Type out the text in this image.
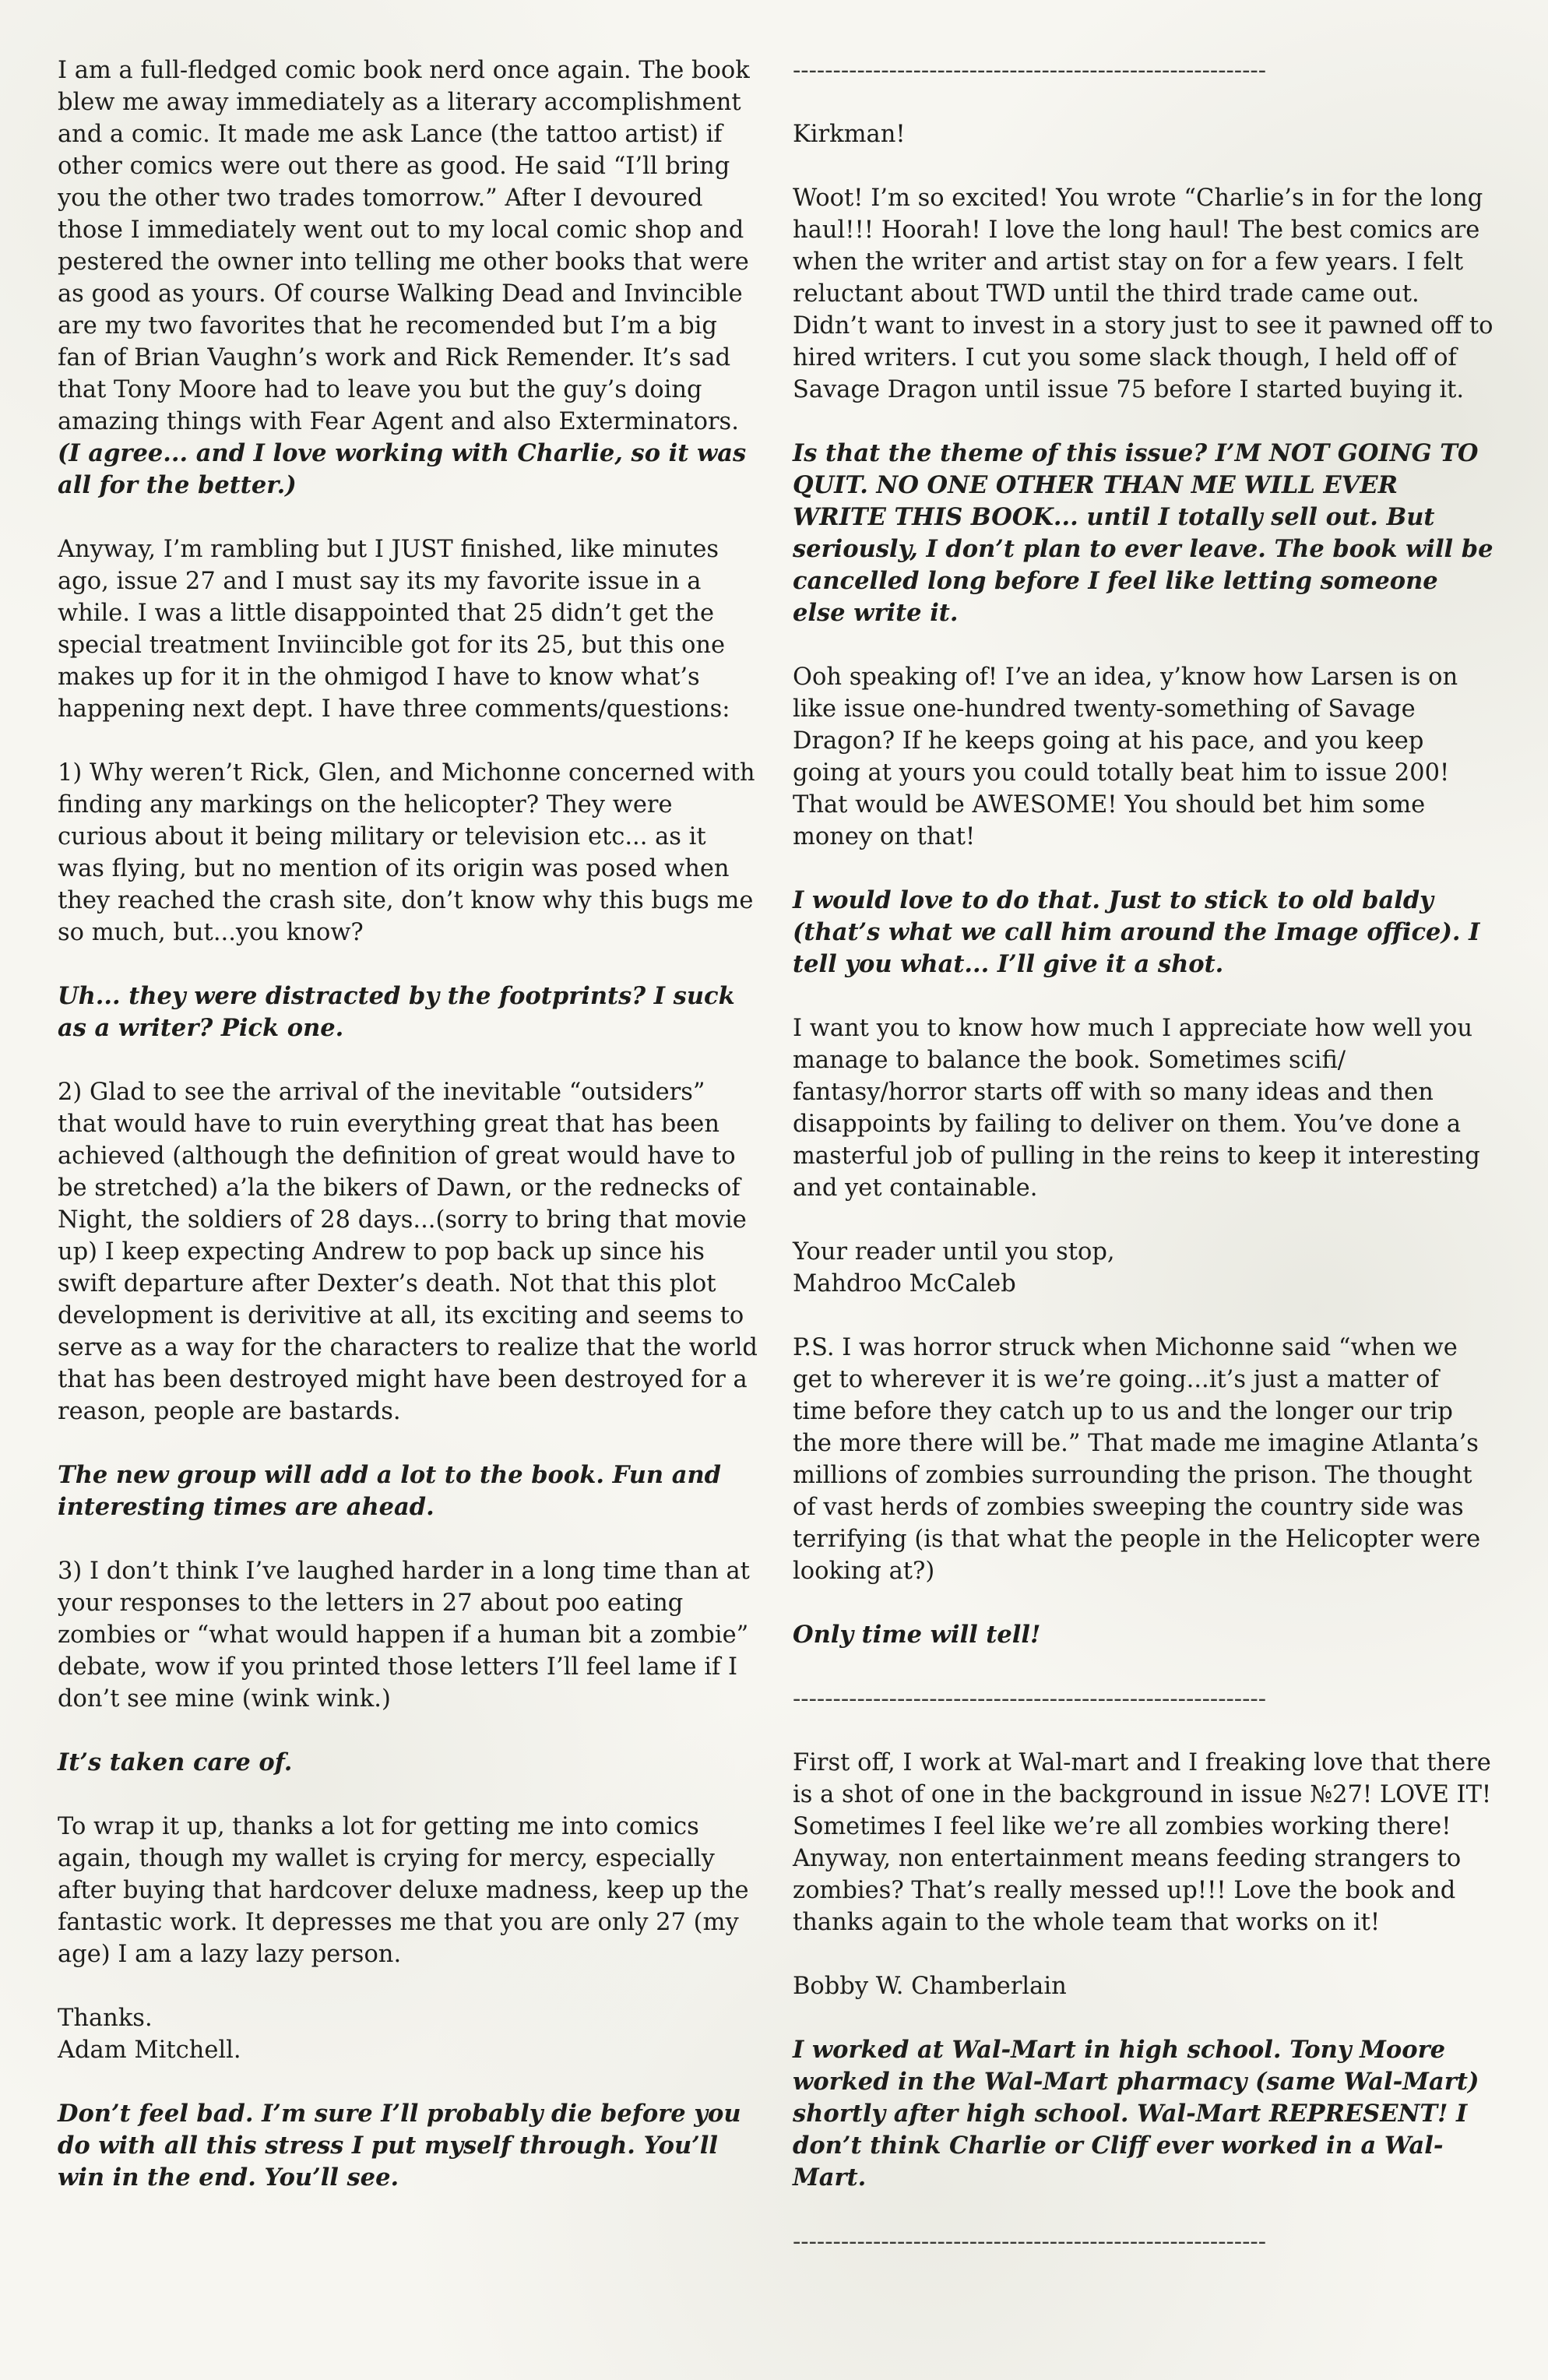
I am a full-fledged comic book nerd once again. The book blew me away immediately as a literary accomplishment and a comic. It made me ask Lance (the tattoo artist) if other comics were out there as good. He said “I’ll bring you the other two trades tomorrow.” After I devoured those I immediately went out to my local comic shop and pestered the owner into telling me other books that were as good as yours. Of course Walking Dead and Invincible are my two favorites that he recomended but I’m a big fan of Brian Vaughn’s work and Rick Remender. It’s sad that Tony Moore had to leave you but the guy’s doing amazing things with Fear Agent and also Exterminators. (I agree... and I love working with Charlie, so it was all for the better.)

Anyway, I’m rambling but I JUST finished, like minutes ago, issue 27 and I must say its my favorite issue in a while. I was a little disappointed that 25 didn’t get the special treatment Inviincible got for its 25, but this one makes up for it in the ohmigod I have to know what’s happening next dept. I have three comments/questions:

1) Why weren’t Rick, Glen, and Michonne concerned with finding any markings on the helicopter? They were curious about it being military or television etc... as it was flying, but no mention of its origin was posed when they reached the crash site, don’t know why this bugs me so much, but...you know?

Uh... they were distracted by the footprints? I suck as a writer? Pick one.

2) Glad to see the arrival of the inevitable “outsiders” that would have to ruin everything great that has been achieved (although the definition of great would have to be stretched) a’la the bikers of Dawn, or the rednecks of Night, the soldiers of 28 days...(sorry to bring that movie up) I keep expecting Andrew to pop back up since his swift departure after Dexter’s death. Not that this plot development is derivitive at all, its exciting and seems to serve as a way for the characters to realize that the world that has been destroyed might have been destroyed for a reason, people are bastards.

The new group will add a lot to the book. Fun and interesting times are ahead.

3) I don’t think I’ve laughed harder in a long time than at your responses to the letters in 27 about poo eating zombies or “what would happen if a human bit a zombie” debate, wow if you printed those letters I’ll feel lame if I don’t see mine (wink wink.)

It’s taken care of.

To wrap it up, thanks a lot for getting me into comics again, though my wallet is crying for mercy, especially after buying that hardcover deluxe madness, keep up the fantastic work. It depresses me that you are only 27 (my age) I am a lazy lazy person.

Thanks.
Adam Mitchell.

Don’t feel bad. I’m sure I’ll probably die before you do with all this stress I put myself through. You’ll win in the end. You’ll see.

-----------------------------------------------------------

Kirkman!

Woot! I’m so excited! You wrote “Charlie’s in for the long haul!!! Hoorah! I love the long haul! The best comics are when the writer and artist stay on for a few years. I felt reluctant about TWD until the third trade came out. Didn’t want to invest in a story just to see it pawned off to hired writers. I cut you some slack though, I held off of Savage Dragon until issue 75 before I started buying it.

Is that the theme of this issue? I’M NOT GOING TO QUIT. NO ONE OTHER THAN ME WILL EVER WRITE THIS BOOK... until I totally sell out. But seriously, I don’t plan to ever leave. The book will be cancelled long before I feel like letting someone else write it.

Ooh speaking of! I’ve an idea, y’know how Larsen is on like issue one-hundred twenty-something of Savage Dragon? If he keeps going at his pace, and you keep going at yours you could totally beat him to issue 200! That would be AWESOME! You should bet him some money on that!

I would love to do that. Just to stick to old baldy (that’s what we call him around the Image office). I tell you what... I’ll give it a shot.

I want you to know how much I appreciate how well you manage to balance the book. Sometimes scifi/ fantasy/horror starts off with so many ideas and then disappoints by failing to deliver on them. You’ve done a masterful job of pulling in the reins to keep it interesting and yet containable.

Your reader until you stop,
Mahdroo McCaleb

P.S. I was horror struck when Michonne said “when we get to wherever it is we’re going...it’s just a matter of time before they catch up to us and the longer our trip the more there will be.” That made me imagine Atlanta’s millions of zombies surrounding the prison. The thought of vast herds of zombies sweeping the country side was terrifying (is that what the people in the Helicopter were looking at?)

Only time will tell!

-----------------------------------------------------------

First off, I work at Wal-mart and I freaking love that there is a shot of one in the background in issue №27! LOVE IT! Sometimes I feel like we’re all zombies working there! Anyway, non entertainment means feeding strangers to zombies? That’s really messed up!!! Love the book and thanks again to the whole team that works on it!

Bobby W. Chamberlain

I worked at Wal-Mart in high school. Tony Moore worked in the Wal-Mart pharmacy (same Wal-Mart) shortly after high school. Wal-Mart REPRESENT! I don’t think Charlie or Cliff ever worked in a Wal-Mart.

-----------------------------------------------------------
